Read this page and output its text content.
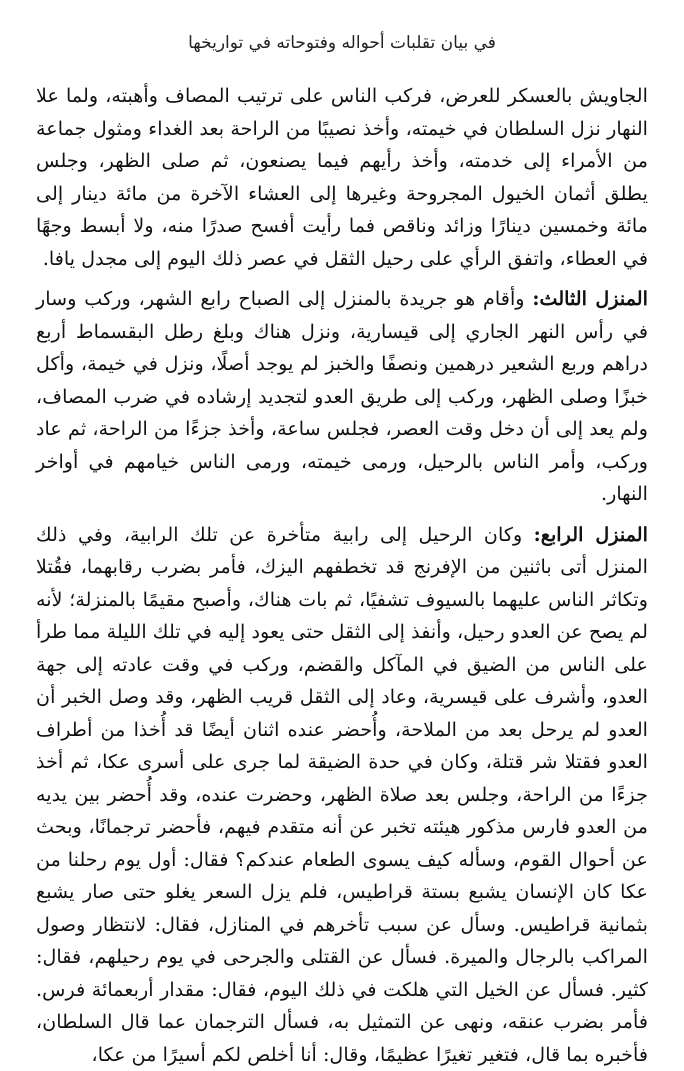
في بيان تقلبات أحواله وفتوحاته في تواريخها

الجاويش بالعسكر للعرض، فركب الناس على ترتيب المصاف وأهبته، ولما علا النهار نزل السلطان في خيمته، وأخذ نصيبًا من الراحة بعد الغداء ومثول جماعة من الأمراء إلى خدمته، وأخذ رأيهم فيما يصنعون، ثم صلى الظهر، وجلس يطلق أثمان الخيول المجروحة وغيرها إلى العشاء الآخرة من مائة دينار إلى مائة وخمسين دينارًا وزائد وناقص فما رأيت أفسح صدرًا منه، ولا أبسط وجهًا في العطاء، واتفق الرأي على رحيل الثقل في عصر ذلك اليوم إلى مجدل يافا.

المنزل الثالث: وأقام هو جريدة بالمنزل إلى الصباح رابع الشهر، وركب وسار في رأس النهر الجاري إلى قيسارية، ونزل هناك وبلغ رطل البقسماط أربع دراهم وربع الشعير درهمين ونصفًا والخبز لم يوجد أصلًا، ونزل في خيمة، وأكل خبزًا وصلى الظهر، وركب إلى طريق العدو لتجديد إرشاده في ضرب المصاف، ولم يعد إلى أن دخل وقت العصر، فجلس ساعة، وأخذ جزءًا من الراحة، ثم عاد وركب، وأمر الناس بالرحيل، ورمى خيمته، ورمى الناس خيامهم في أواخر النهار.

المنزل الرابع: وكان الرحيل إلى رابية متأخرة عن تلك الرابية، وفي ذلك المنزل أتى باثنين من الإفرنج قد تخطفهم اليزك، فأمر بضرب رقابهما، فقُتلا وتكاثر الناس عليهما بالسيوف تشفيًا، ثم بات هناك، وأصبح مقيمًا بالمنزلة؛ لأنه لم يصح عن العدو رحيل، وأنفذ إلى الثقل حتى يعود إليه في تلك الليلة مما طرأ على الناس من الضيق في المآكل والقضم، وركب في وقت عادته إلى جهة العدو، وأشرف على قيسرية، وعاد إلى الثقل قريب الظهر، وقد وصل الخبر أن العدو لم يرحل بعد من الملاحة، وأُحضر عنده اثنان أيضًا قد أُخذا من أطراف العدو فقتلا شر قتلة، وكان في حدة الضيقة لما جرى على أسرى عكا، ثم أخذ جزءًا من الراحة، وجلس بعد صلاة الظهر، وحضرت عنده، وقد أُحضر بين يديه من العدو فارس مذكور هيئته تخبر عن أنه متقدم فيهم، فأحضر ترجمانًا، وبحث عن أحوال القوم، وسأله كيف يسوى الطعام عندكم؟ فقال: أول يوم رحلنا من عكا كان الإنسان يشبع بستة قراطيس، فلم يزل السعر يغلو حتى صار يشبع بثمانية قراطيس. وسأل عن سبب تأخرهم في المنازل، فقال: لانتظار وصول المراكب بالرجال والميرة. فسأل عن القتلى والجرحى في يوم رحيلهم، فقال: كثير. فسأل عن الخيل التي هلكت في ذلك اليوم، فقال: مقدار أربعمائة فرس. فأمر بضرب عنقه، ونهى عن التمثيل به، فسأل الترجمان عما قال السلطان، فأخبره بما قال، فتغير تغيرًا عظيمًا، وقال: أنا أخلص لكم أسيرًا من عكا،
